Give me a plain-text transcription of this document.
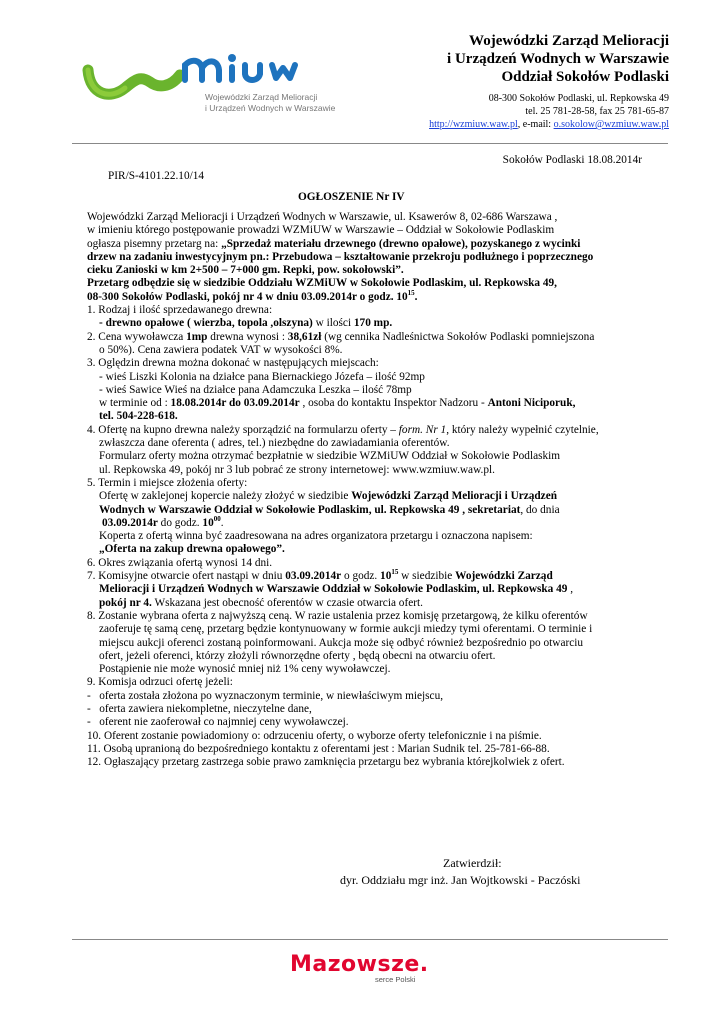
Wojewódzki Zarząd Melioracji
i Urządzeń Wodnych w Warszawie
Wojewódzki Zarząd Melioracji
i Urządzeń Wodnych w Warszawie
Oddział Sokołów Podlaski
08-300 Sokołów Podlaski, ul. Repkowska 49
tel. 25 781-28-58, fax 25 781-65-87
http://wzmiuw.waw.pl, e-mail: o.sokolow@wzmiuw.waw.pl
Sokołów Podlaski 18.08.2014r
PIR/S-4101.22.10/14
OGŁOSZENIE Nr IV
Wojewódzki Zarząd Melioracji i Urządzeń Wodnych w Warszawie, ul. Ksawerów 8, 02-686 Warszawa ,
w imieniu którego postępowanie prowadzi WZMiUW w Warszawie – Oddział w Sokołowie Podlaskim
ogłasza pisemny przetarg na: „Sprzedaż materiału drzewnego (drewno opałowe), pozyskanego z wycinki
drzew na zadaniu inwestycyjnym pn.: Przebudowa – kształtowanie przekroju podłużnego i poprzecznego
cieku Zanioski w km 2+500 – 7+000 gm. Repki, pow. sokołowski”.
Przetarg odbędzie się w siedzibie Oddziału WZMiUW w Sokołowie Podlaskim, ul. Repkowska 49,
08-300 Sokołów Podlaski, pokój nr 4 w dniu 03.09.2014r o godz. $10^{15}$.
1. Rodzaj i ilość sprzedawanego drewna:
- drewno opałowe ( wierzba, topola ,olszyna) w ilości 170 mp.
2. Cena wywoławcza 1mp drewna wynosi : 38,61zł (wg cennika Nadleśnictwa Sokołów Podlaski pomniejszona
o 50%). Cena zawiera podatek VAT w wysokości 8%.
3. Oględzin drewna można dokonać w następujących miejscach:
- wieś Liszki Kolonia na działce pana Biernackiego Józefa – ilość 92mp
- wieś Sawice Wieś na działce pana Adamczuka Leszka – ilość 78mp
w terminie od : 18.08.2014r do 03.09.2014r , osoba do kontaktu Inspektor Nadzoru - Antoni Niciporuk,
tel. 504-228-618.
4. Ofertę na kupno drewna należy sporządzić na formularzu oferty – form. Nr 1, który należy wypełnić czytelnie,
zwłaszcza dane oferenta ( adres, tel.) niezbędne do zawiadamiania oferentów.
Formularz oferty można otrzymać bezpłatnie w siedzibie WZMiUW Oddział w Sokołowie Podlaskim
ul. Repkowska 49, pokój nr 3 lub pobrać ze strony internetowej: www.wzmiuw.waw.pl.
5. Termin i miejsce złożenia oferty:
Ofertę w zaklejonej kopercie należy złożyć w siedzibie Wojewódzki Zarząd Melioracji i Urządzeń
Wodnych w Warszawie Oddział w Sokołowie Podlaskim, ul. Repkowska 49 , sekretariat, do dnia
03.09.2014r do godz. $10^{00}$.
Koperta z ofertą winna być zaadresowana na adres organizatora przetargu i oznaczona napisem:
„Oferta na zakup drewna opałowego”.
6. Okres związania ofertą wynosi 14 dni.
7. Komisyjne otwarcie ofert nastąpi w dniu 03.09.2014r o godz. $10^{15}$ w siedzibie Wojewódzki Zarząd
Melioracji i Urządzeń Wodnych w Warszawie Oddział w Sokołowie Podlaskim, ul. Repkowska 49 ,
pokój nr 4. Wskazana jest obecność oferentów w czasie otwarcia ofert.
8. Zostanie wybrana oferta z najwyższą ceną. W razie ustalenia przez komisję przetargową, że kilku oferentów
zaoferuje tę samą cenę, przetarg będzie kontynuowany w formie aukcji miedzy tymi oferentami. O terminie i
miejscu aukcji oferenci zostaną poinformowani. Aukcja może się odbyć również bezpośrednio po otwarciu
ofert, jeżeli oferenci, którzy złożyli równorzędne oferty , będą obecni na otwarciu ofert.
Postąpienie nie może wynosić mniej niż 1% ceny wywoławczej.
9. Komisja odrzuci ofertę jeżeli:
-   oferta została złożona po wyznaczonym terminie, w niewłaściwym miejscu,
-   oferta zawiera niekompletne, nieczytelne dane,
-   oferent nie zaoferował co najmniej ceny wywoławczej.
10. Oferent zostanie powiadomiony o: odrzuceniu oferty, o wyborze oferty telefonicznie i na piśmie.
11. Osobą upranioną do bezpośredniego kontaktu z oferentami jest : Marian Sudnik tel. 25-781-66-88.
12. Ogłaszający przetarg zastrzega sobie prawo zamknięcia przetargu bez wybrania którejkolwiek z ofert.
Zatwierdził:
dyr. Oddziału mgr inż. Jan Wojtkowski - Paczóski
Mazowsze.
serce Polski
